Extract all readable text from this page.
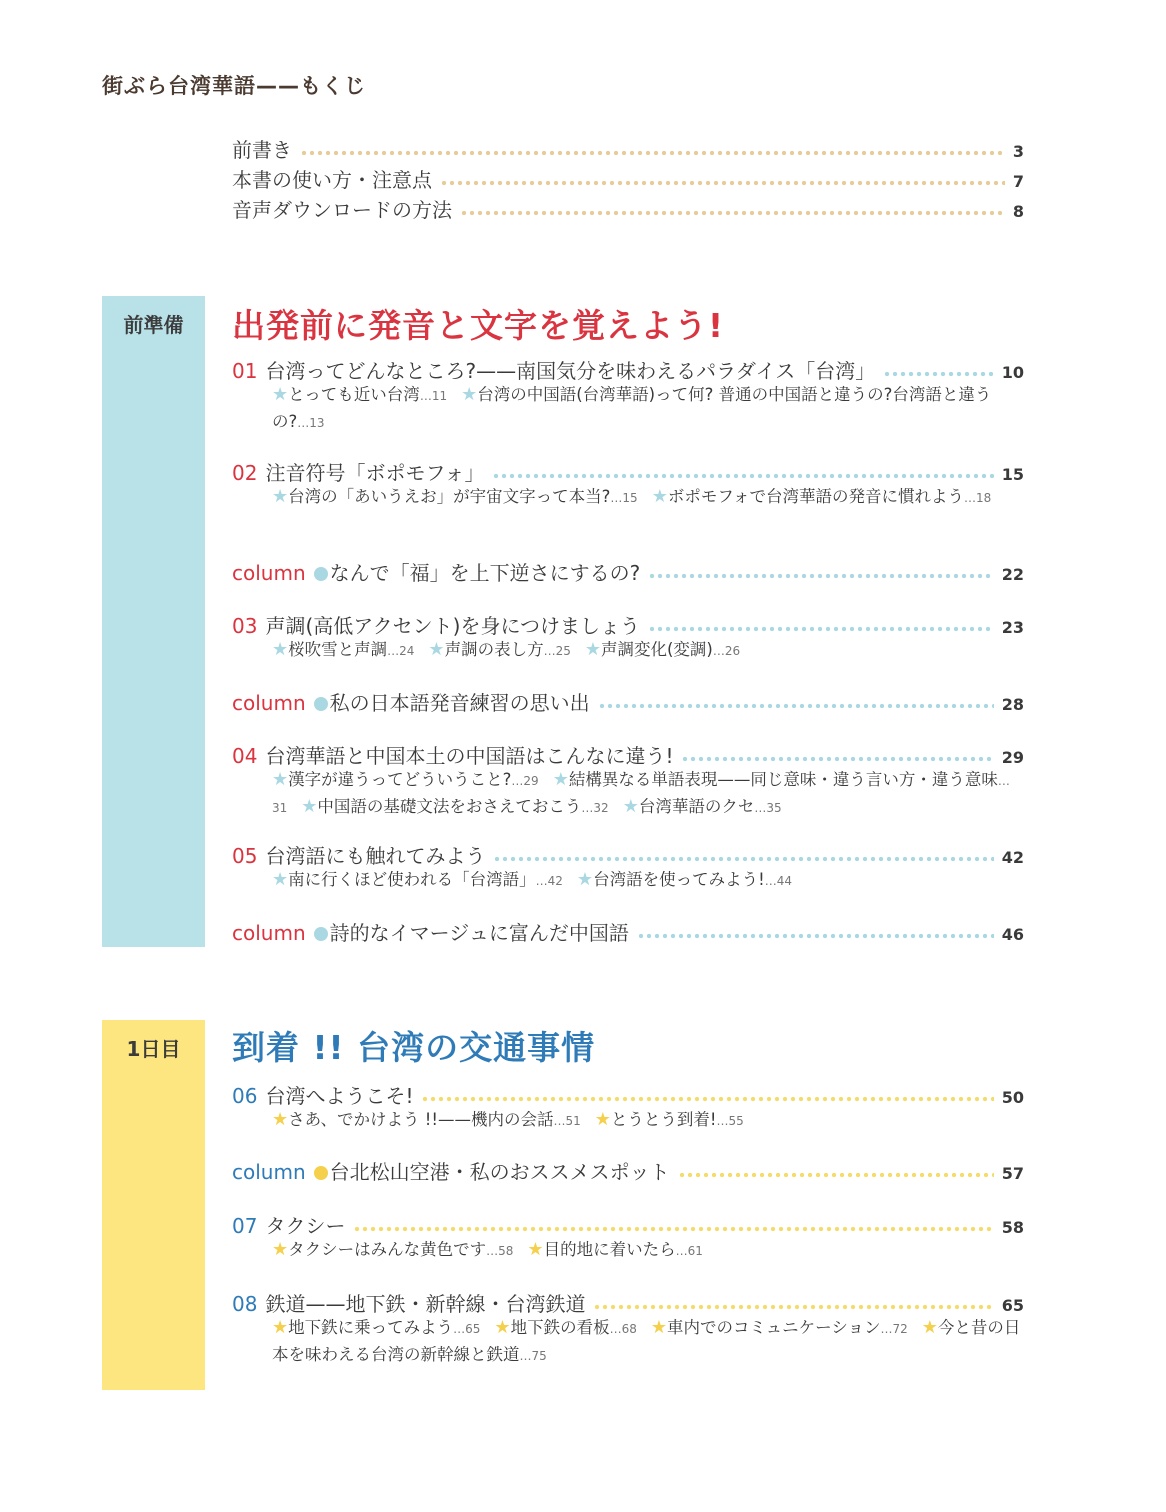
街ぶら台湾華語——もくじ
前書き	3
本書の使い方・注意点	7
音声ダウンロードの方法	8
前準備	出発前に発音と文字を覚えよう!
1日目	到着 !! 台湾の交通事情
01 台湾ってどんなところ?——南国気分を味わえるパラダイス「台湾」	10
★とっても近い台湾…11 ★台湾の中国語(台湾華語)って何? 普通の中国語と違うの?台湾語と違うの?…13
02 注音符号「ボポモフォ」	15
★台湾の「あいうえお」が宇宙文字って本当?…15 ★ボポモフォで台湾華語の発音に慣れよう…18
column なんで「福」を上下逆さにするの?	22
03 声調(高低アクセント)を身につけましょう	23
★桜吹雪と声調…24 ★声調の表し方…25 ★声調変化(変調)…26
column 私の日本語発音練習の思い出	28
04 台湾華語と中国本土の中国語はこんなに違う!	29
★漢字が違うってどういうこと?…29 ★結構異なる単語表現——同じ意味・違う言い方・違う意味…31 ★中国語の基礎文法をおさえておこう…32 ★台湾華語のクセ…35
05 台湾語にも触れてみよう	42
★南に行くほど使われる「台湾語」…42 ★台湾語を使ってみよう!…44
column 詩的なイマージュに富んだ中国語	46
06 台湾へようこそ!	50
★さあ、でかけよう !!——機内の会話…51 ★とうとう到着!…55
column 台北松山空港・私のおススメスポット	57
07 タクシー	58
★タクシーはみんな黄色です…58 ★目的地に着いたら…61
08 鉄道——地下鉄・新幹線・台湾鉄道	65
★地下鉄に乗ってみよう…65 ★地下鉄の看板…68 ★車内でのコミュニケーション…72 ★今と昔の日本を味わえる台湾の新幹線と鉄道…75
